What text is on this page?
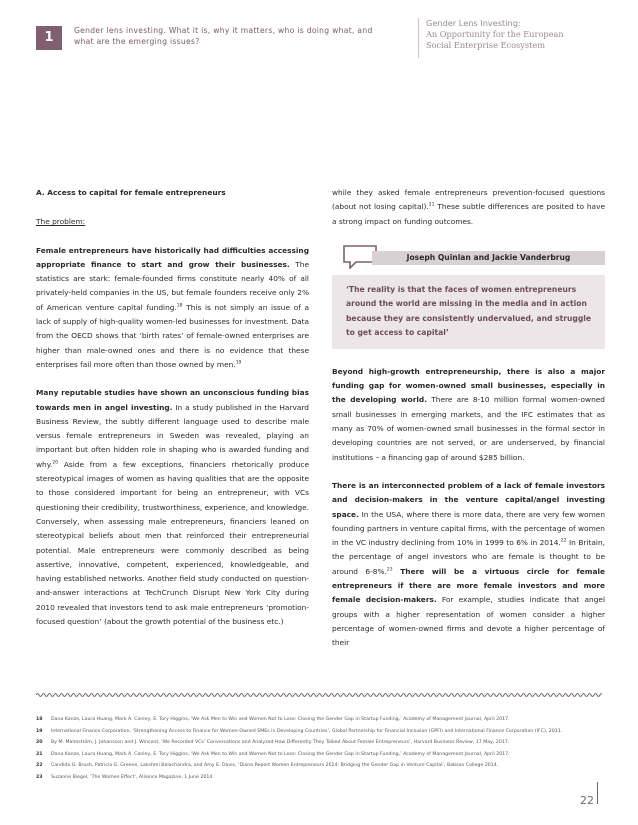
1	Gender lens investing. What it is, why it matters, who is doing what, and what are the emerging issues?
Gender Lens Investing:
An Opportunity for the European
Social Enterprise Ecosystem

A. Access to capital for female entrepreneurs

The problem:

Female entrepreneurs have historically had difficulties accessing appropriate finance to start and grow their businesses. The statistics are stark: female-founded firms constitute nearly 40% of all privately-held companies in the US, but female founders receive only 2% of American venture capital funding.$^{18}$ This is not simply an issue of a lack of supply of high-quality women-led businesses for investment. Data from the OECD shows that ‘birth rates’ of female-owned enterprises are higher than male-owned ones and there is no evidence that these enterprises fail more often than those owned by men.$^{19}$

Many reputable studies have shown an unconscious funding bias towards men in angel investing. In a study published in the Harvard Business Review, the subtly different language used to describe male versus female entrepreneurs in Sweden was revealed, playing an important but often hidden role in shaping who is awarded funding and why.$^{20}$ Aside from a few exceptions, financiers rhetorically produce stereotypical images of women as having qualities that are the opposite to those considered important for being an entrepreneur, with VCs questioning their credibility, trustworthiness, experience, and knowledge. Conversely, when assessing male entrepreneurs, financiers leaned on stereotypical beliefs about men that reinforced their entrepreneurial potential. Male entrepreneurs were commonly described as being assertive, innovative, competent, experienced, knowledgeable, and having established networks. Another field study conducted on question-and-answer interactions at TechCrunch Disrupt New York City during 2010 revealed that investors tend to ask male entrepreneurs ‘promotion-focused question’ (about the growth potential of the business etc.)

while they asked female entrepreneurs prevention-focused questions (about not losing capital).$^{21}$ These subtle differences are posited to have a strong impact on funding outcomes.

Joseph Quinlan and Jackie Vanderbrug
‘The reality is that the faces of women entrepreneurs around the world are missing in the media and in action because they are consistently undervalued, and struggle to get access to capital’

Beyond high-growth entrepreneurship, there is also a major funding gap for women-owned small businesses, especially in the developing world. There are 8-10 million formal women-owned small businesses in emerging markets, and the IFC estimates that as many as 70% of women-owned small businesses in the formal sector in developing countries are not served, or are underserved, by financial institutions – a financing gap of around $285 billion.

There is an interconnected problem of a lack of female investors and decision-makers in the venture capital/angel investing space. In the USA, where there is more data, there are very few women founding partners in venture capital firms, with the percentage of women in the VC industry declining from 10% in 1999 to 6% in 2014.22 In Britain, the percentage of angel investors who are female is thought to be around 6-8%.$^{23}$ There will be a virtuous circle for female entrepreneurs if there are more female investors and more female decision-makers. For example, studies indicate that angel groups with a higher representation of women consider a higher percentage of women-owned firms and devote a higher percentage of their

18	Dana Kanze, Laura Huang, Mark A. Conley, E. Tory Higgins, ‘We Ask Men to Win and Women Not to Lose: Closing the Gender Gap in Startup Funding,’ Academy of Management Journal, April 2017.
19	International Finance Corporation, ‘Strengthening Access to Finance for Women-Owned SMEs in Developing Countries’, Global Partnership for Financial Inclusion (GPFI) and International Finance Corporation (IFC), 2011.
20	By M. Malmström, J. Johansson and J. Wincent, ‘We Recorded VCs’ Conversations and Analyzed How Differently They Talked About Female Entrepreneurs’, Harvard Business Review, 17 May, 2017.
21	Dana Kanze, Laura Huang, Mark A. Conley, E. Tory Higgins, ‘We Ask Men to Win and Women Not to Lose: Closing the Gender Gap in Startup Funding,’ Academy of Management Journal, April 2017.
22	Candida G. Brush, Patricia G. Greene, Lakshmi Balachandra, and Amy E. Davis, ‘Diana Report Women Entrepreneurs 2014: Bridging the Gender Gap in Venture Capital’, Babson College 2014.
23	Suzanne Biegel, ‘The Women Effect’, Alliance Magazine, 1 June 2014.
22
